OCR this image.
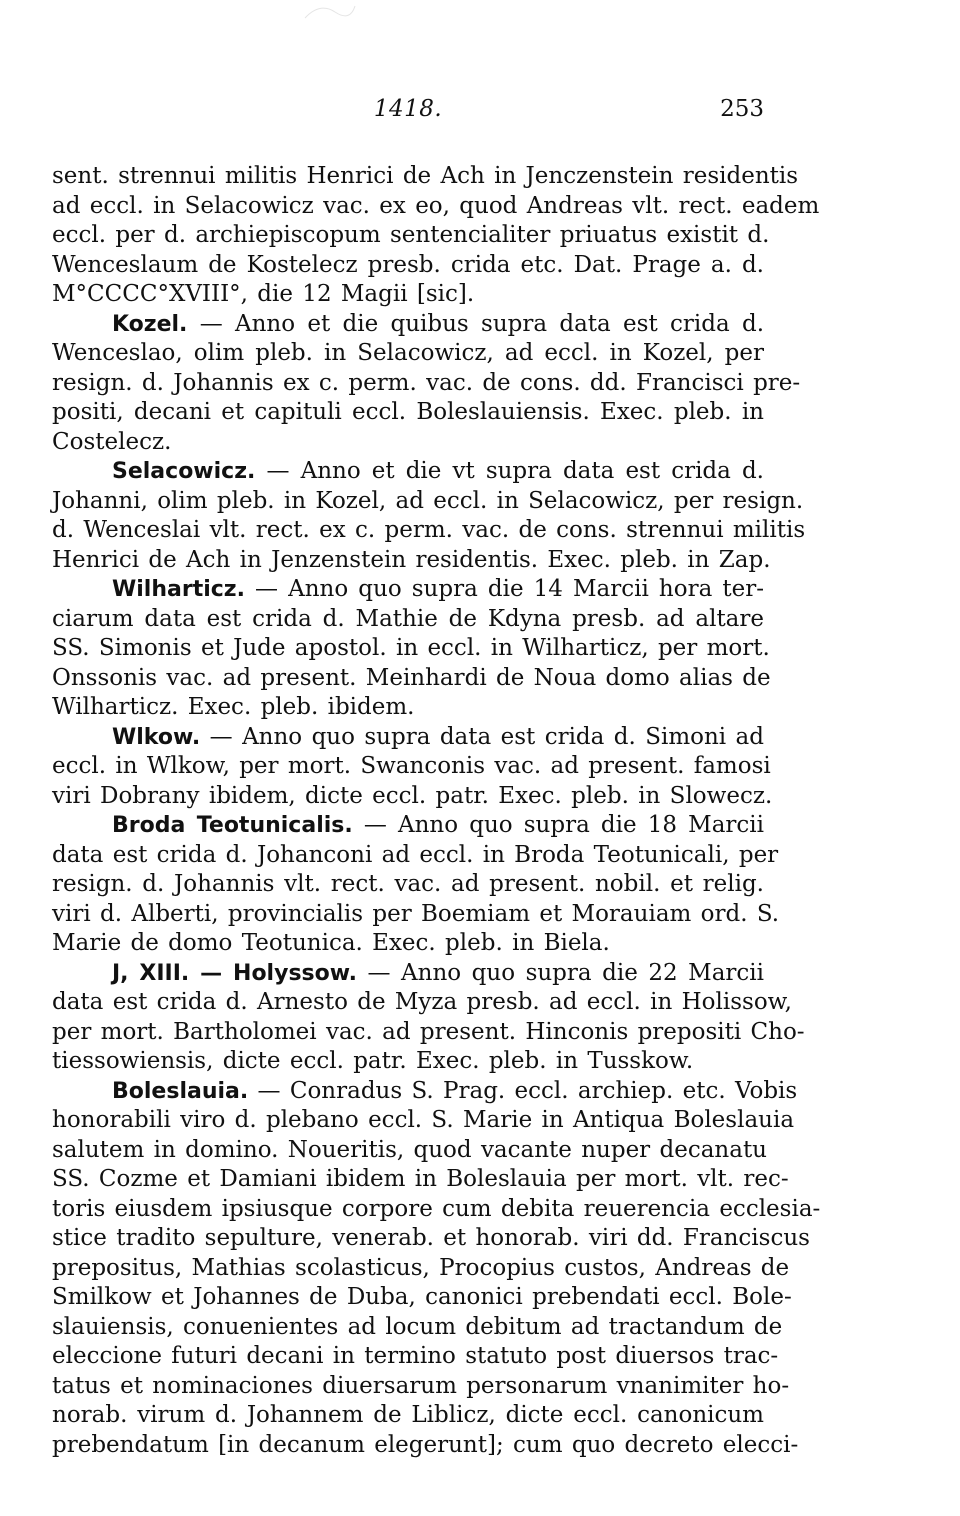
1418.	253
sent. strennui militis Henrici de Ach in Jenczenstein residentis
ad eccl. in Selacowicz vac. ex eo, quod Andreas vlt. rect. eadem
eccl. per d. archiepiscopum sentencialiter priuatus existit d.
Wenceslaum de Kostelecz presb. crida etc. Dat. Prage a. d.
M°CCCC°XVIII°, die 12 Magii [sic].
Kozel. — Anno et die quibus supra data est crida d.
Wenceslao, olim pleb. in Selacowicz, ad eccl. in Kozel, per
resign. d. Johannis ex c. perm. vac. de cons. dd. Francisci pre-
positi, decani et capituli eccl. Boleslauiensis. Exec. pleb. in
Costelecz.
Selacowicz. — Anno et die vt supra data est crida d.
Johanni, olim pleb. in Kozel, ad eccl. in Selacowicz, per resign.
d. Wenceslai vlt. rect. ex c. perm. vac. de cons. strennui militis
Henrici de Ach in Jenzenstein residentis. Exec. pleb. in Zap.
Wilharticz. — Anno quo supra die 14 Marcii hora ter-
ciarum data est crida d. Mathie de Kdyna presb. ad altare
SS. Simonis et Jude apostol. in eccl. in Wilharticz, per mort.
Onssonis vac. ad present. Meinhardi de Noua domo alias de
Wilharticz. Exec. pleb. ibidem.
Wlkow. — Anno quo supra data est crida d. Simoni ad
eccl. in Wlkow, per mort. Swanconis vac. ad present. famosi
viri Dobrany ibidem, dicte eccl. patr. Exec. pleb. in Slowecz.
Broda Teotunicalis. — Anno quo supra die 18 Marcii
data est crida d. Johanconi ad eccl. in Broda Teotunicali, per
resign. d. Johannis vlt. rect. vac. ad present. nobil. et relig.
viri d. Alberti, provincialis per Boemiam et Morauiam ord. S.
Marie de domo Teotunica. Exec. pleb. in Biela.
J, XIII. — Holyssow. — Anno quo supra die 22 Marcii
data est crida d. Arnesto de Myza presb. ad eccl. in Holissow,
per mort. Bartholomei vac. ad present. Hinconis prepositi Cho-
tiessowiensis, dicte eccl. patr. Exec. pleb. in Tusskow.
Boleslauia. — Conradus S. Prag. eccl. archiep. etc. Vobis
honorabili viro d. plebano eccl. S. Marie in Antiqua Boleslauia
salutem in domino. Noueritis, quod vacante nuper decanatu
SS. Cozme et Damiani ibidem in Boleslauia per mort. vlt. rec-
toris eiusdem ipsiusque corpore cum debita reuerencia ecclesia-
stice tradito sepulture, venerab. et honorab. viri dd. Franciscus
prepositus, Mathias scolasticus, Procopius custos, Andreas de
Smilkow et Johannes de Duba, canonici prebendati eccl. Bole-
slauiensis, conuenientes ad locum debitum ad tractandum de
eleccione futuri decani in termino statuto post diuersos trac-
tatus et nominaciones diuersarum personarum vnanimiter ho-
norab. virum d. Johannem de Liblicz, dicte eccl. canonicum
prebendatum [in decanum elegerunt]; cum quo decreto elecci-
